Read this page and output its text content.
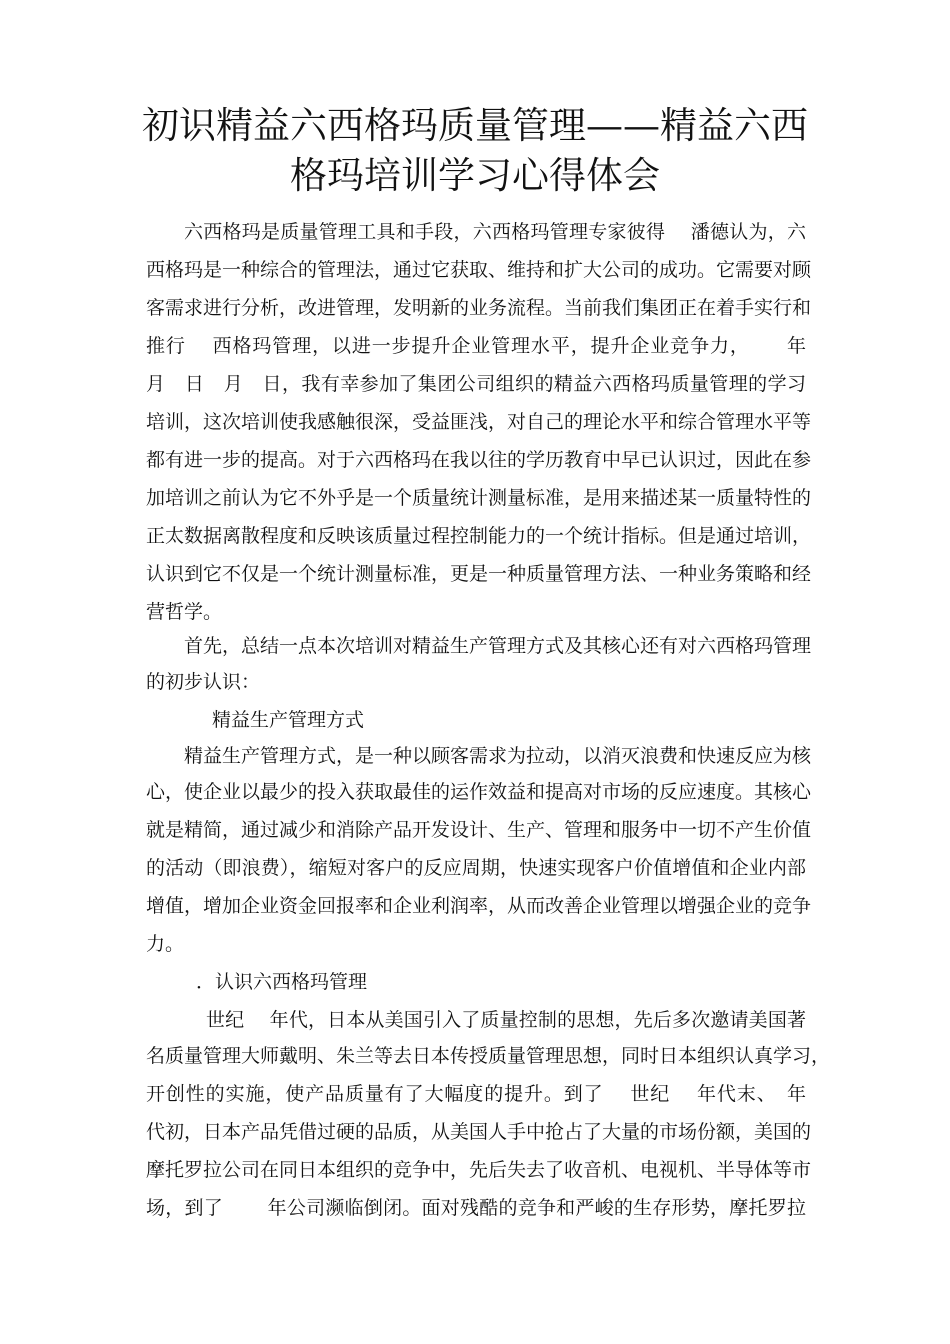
初识精益六西格玛质量管理——精益六西
格玛培训学习心得体会
六西格玛是质量管理工具和手段，六西格玛管理专家彼得　 潘德认为，六
西格玛是一种综合的管理法，通过它获取、维持和扩大公司的成功。它需要对顾
客需求进行分析，改进管理，发明新的业务流程。当前我们集团正在着手实行和
推行　 西格玛管理，以进一步提升企业管理水平，提升企业竞争力，　　 年
月　日　月　日，我有幸参加了集团公司组织的精益六西格玛质量管理的学习
培训，这次培训使我感触很深，受益匪浅，对自己的理论水平和综合管理水平等
都有进一步的提高。对于六西格玛在我以往的学历教育中早已认识过，因此在参
加培训之前认为它不外乎是一个质量统计测量标准，是用来描述某一质量特性的
正太数据离散程度和反映该质量过程控制能力的一个统计指标。但是通过培训，
认识到它不仅是一个统计测量标准，更是一种质量管理方法、一种业务策略和经
营哲学。
首先，总结一点本次培训对精益生产管理方式及其核心还有对六西格玛管理
的初步认识：
精益生产管理方式
精益生产管理方式，是一种以顾客需求为拉动，以消灭浪费和快速反应为核
心，使企业以最少的投入获取最佳的运作效益和提高对市场的反应速度。其核心
就是精简，通过减少和消除产品开发设计、生产、管理和服务中一切不产生价值
的活动（即浪费），缩短对客户的反应周期，快速实现客户价值增值和企业内部
增值，增加企业资金回报率和企业利润率，从而改善企业管理以增强企业的竞争
力。
．认识六西格玛管理
世纪　 年代，日本从美国引入了质量控制的思想，先后多次邀请美国著
名质量管理大师戴明、朱兰等去日本传授质量管理思想，同时日本组织认真学习，
开创性的实施，使产品质量有了大幅度的提升。到了　 世纪　 年代末、　年
代初，日本产品凭借过硬的品质，从美国人手中抢占了大量的市场份额，美国的
摩托罗拉公司在同日本组织的竞争中，先后失去了收音机、电视机、半导体等市
场，到了　　 年公司濒临倒闭。面对残酷的竞争和严峻的生存形势，摩托罗拉
